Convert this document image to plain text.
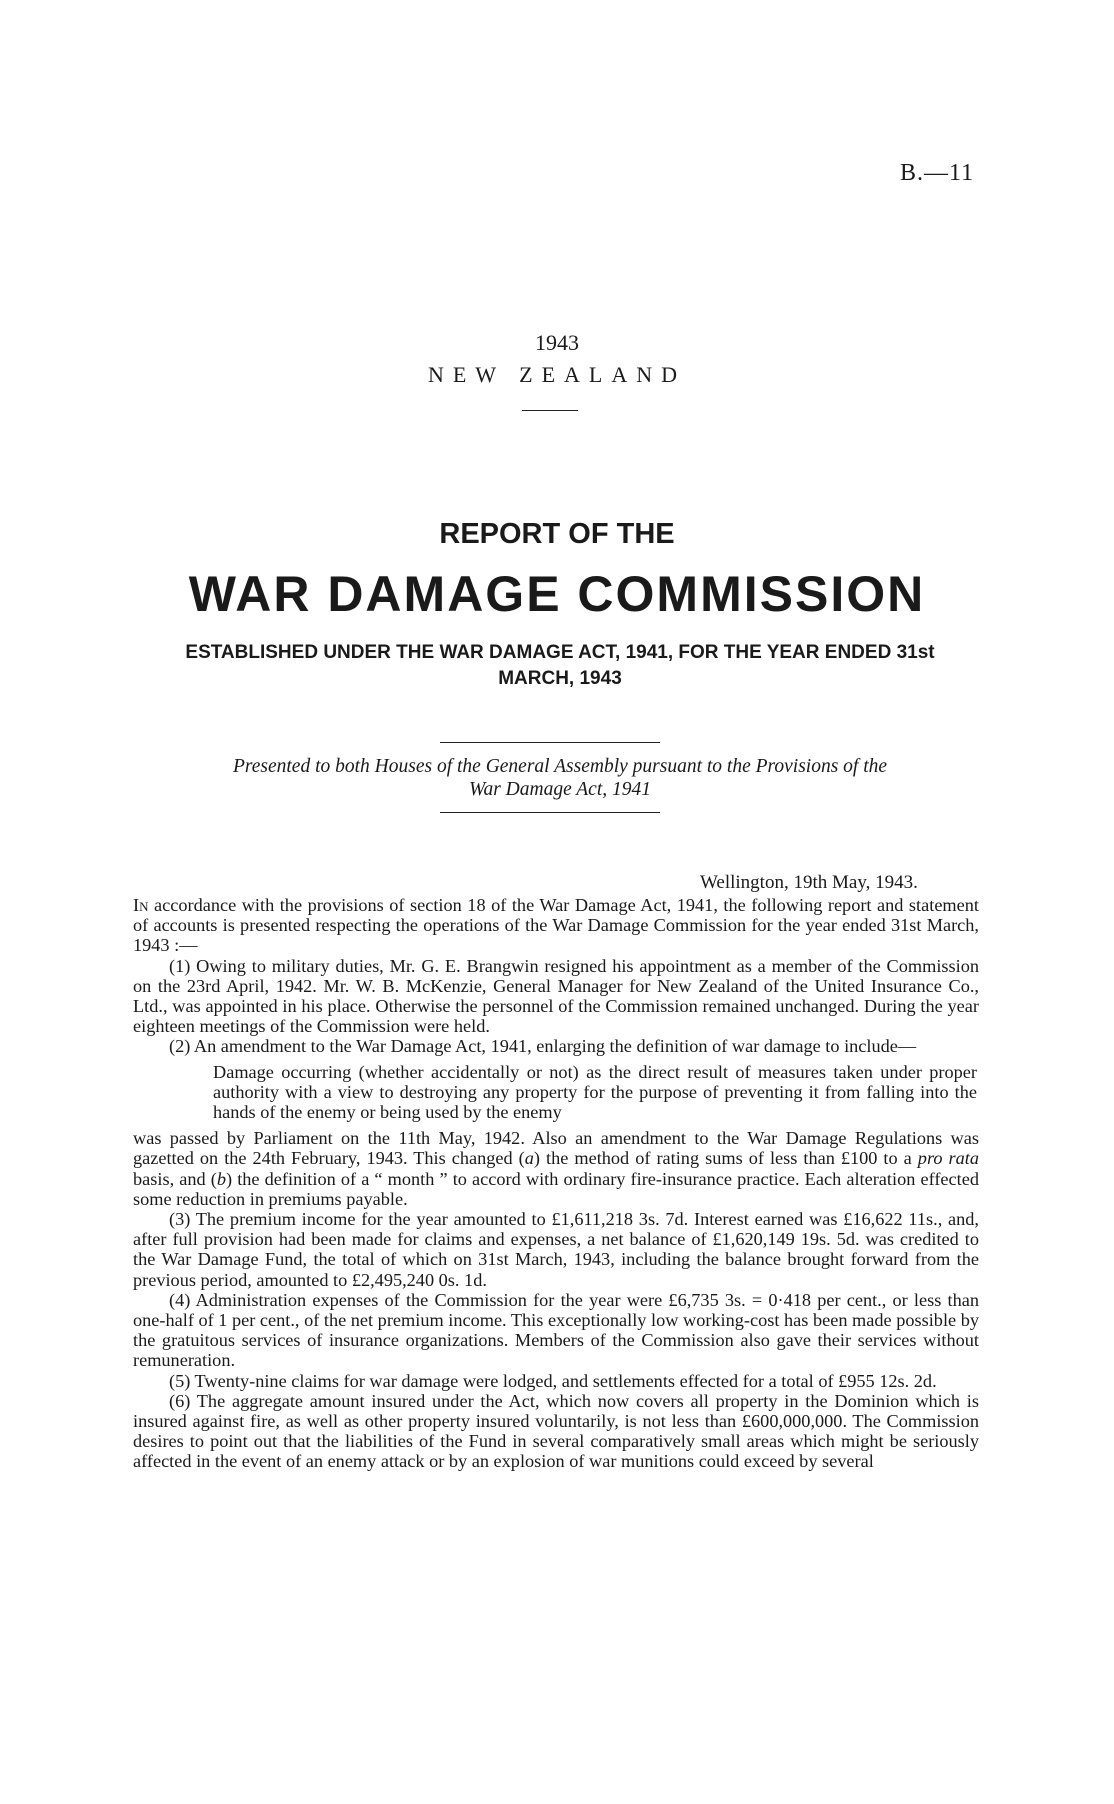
B.—11
1943
NEW ZEALAND
REPORT OF THE
WAR DAMAGE COMMISSION
ESTABLISHED UNDER THE WAR DAMAGE ACT, 1941, FOR THE YEAR ENDED 31st MARCH, 1943
Presented to both Houses of the General Assembly pursuant to the Provisions of the
War Damage Act, 1941
Wellington, 19th May, 1943.

In accordance with the provisions of section 18 of the War Damage Act, 1941, the following report and statement of accounts is presented respecting the operations of the War Damage Commission for the year ended 31st March, 1943 :—

(1) Owing to military duties, Mr. G. E. Brangwin resigned his appointment as a member of the Commission on the 23rd April, 1942. Mr. W. B. McKenzie, General Manager for New Zealand of the United Insurance Co., Ltd., was appointed in his place. Otherwise the personnel of the Commission remained unchanged. During the year eighteen meetings of the Commission were held.

(2) An amendment to the War Damage Act, 1941, enlarging the definition of war damage to include—

Damage occurring (whether accidentally or not) as the direct result of measures taken under proper authority with a view to destroying any property for the purpose of preventing it from falling into the hands of the enemy or being used by the enemy

was passed by Parliament on the 11th May, 1942. Also an amendment to the War Damage Regulations was gazetted on the 24th February, 1943. This changed (a) the method of rating sums of less than £100 to a pro rata basis, and (b) the definition of a “ month ” to accord with ordinary fire-insurance practice. Each alteration effected some reduction in premiums payable.

(3) The premium income for the year amounted to £1,611,218 3s. 7d. Interest earned was £16,622 11s., and, after full provision had been made for claims and expenses, a net balance of £1,620,149 19s. 5d. was credited to the War Damage Fund, the total of which on 31st March, 1943, including the balance brought forward from the previous period, amounted to £2,495,240 0s. 1d.

(4) Administration expenses of the Commission for the year were £6,735 3s. = 0·418 per cent., or less than one-half of 1 per cent., of the net premium income. This exceptionally low working-cost has been made possible by the gratuitous services of insurance organizations. Members of the Commission also gave their services without remuneration.

(5) Twenty-nine claims for war damage were lodged, and settlements effected for a total of £955 12s. 2d.

(6) The aggregate amount insured under the Act, which now covers all property in the Dominion which is insured against fire, as well as other property insured voluntarily, is not less than £600,000,000. The Commission desires to point out that the liabilities of the Fund in several comparatively small areas which might be seriously affected in the event of an enemy attack or by an explosion of war munitions could exceed by several
